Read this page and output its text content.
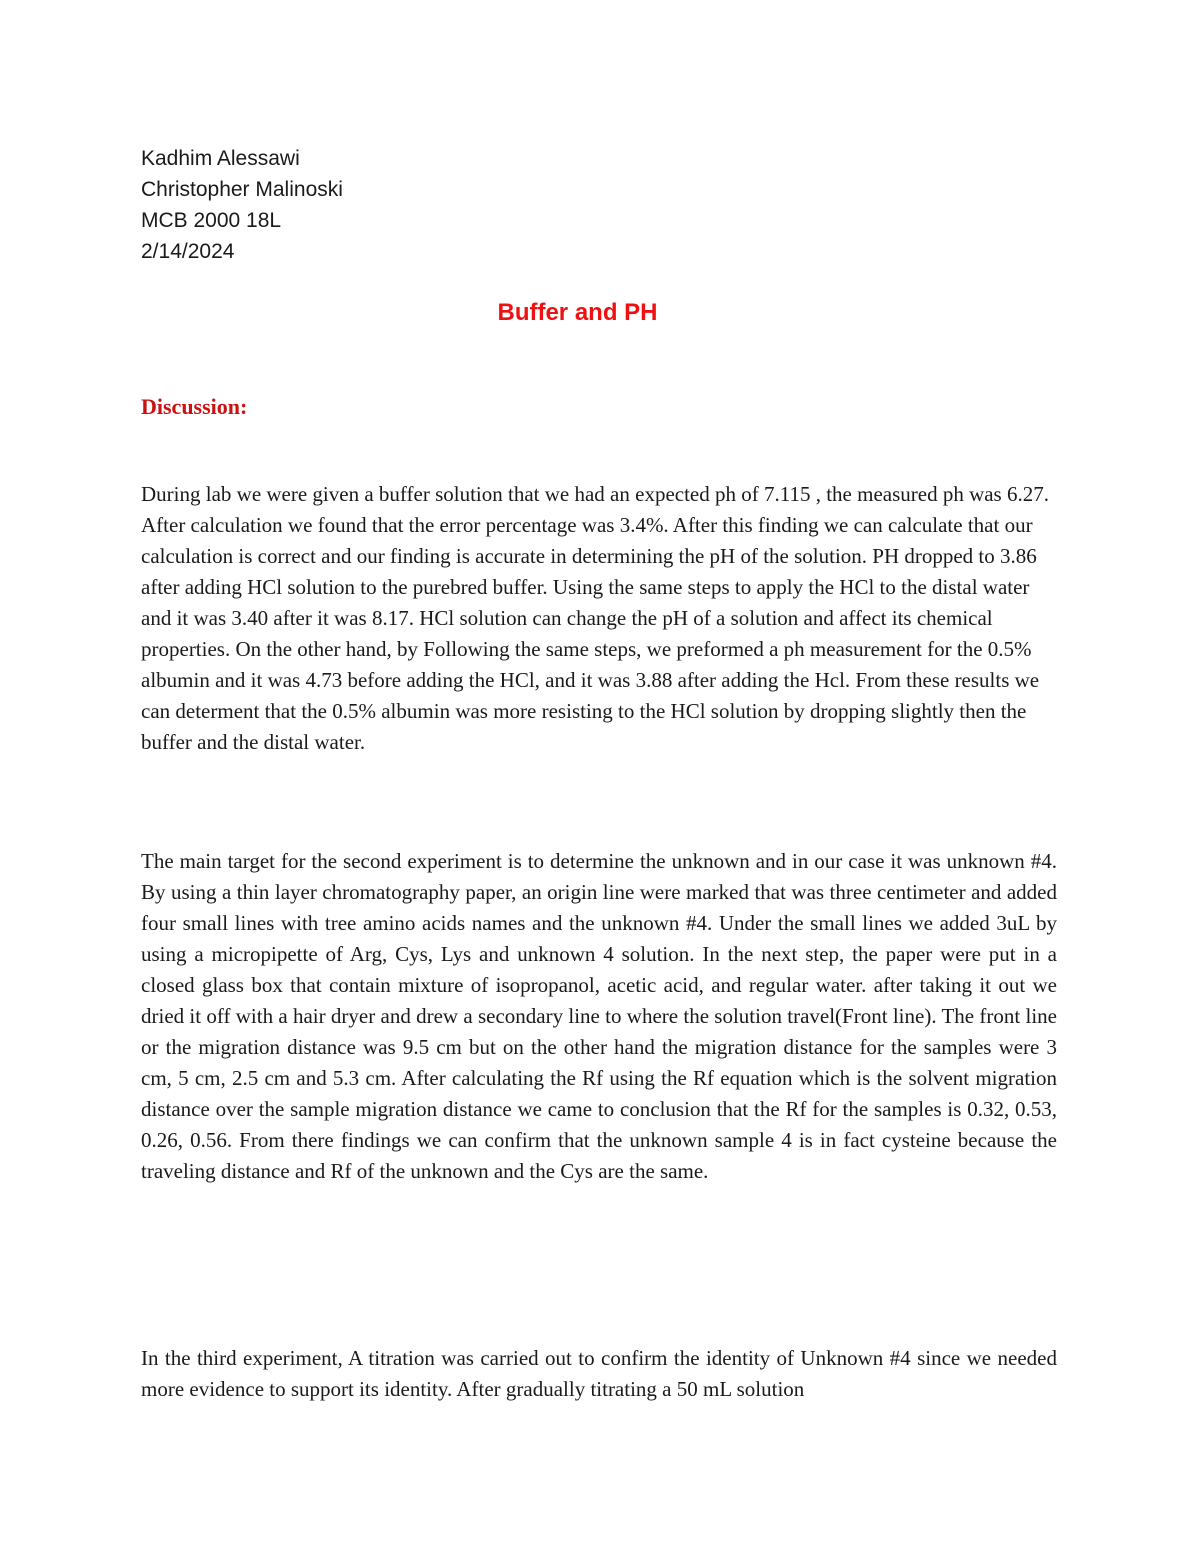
Kadhim Alessawi
Christopher Malinoski
MCB 2000 18L
2/14/2024
Buffer and PH
Discussion:

During lab we were given a buffer solution that we had an expected ph of 7.115 , the measured ph was 6.27. After calculation we found that the error percentage was 3.4%. After this finding we can calculate that our calculation is correct and our finding is accurate in determining the pH of the solution. PH dropped to 3.86 after adding HCl solution to the purebred buffer. Using the same steps to apply the HCl to the distal water and it was 3.40 after it was 8.17. HCl solution can change the pH of a solution and affect its chemical properties. On the other hand, by Following the same steps, we preformed a ph measurement for the 0.5% albumin and it was 4.73 before adding the HCl, and it was 3.88 after adding the Hcl. From these results we can determent that the 0.5% albumin was more resisting to the HCl solution by dropping slightly then the buffer and the distal water.

The main target for the second experiment is to determine the unknown and in our case it was unknown #4. By using a thin layer chromatography paper, an origin line were marked that was three centimeter and added four small lines with tree amino acids names and the unknown #4. Under the small lines we added 3uL by using a micropipette of Arg, Cys, Lys and unknown 4 solution. In the next step, the paper were put in a closed glass box that contain mixture of isopropanol, acetic acid, and regular water. after taking it out we dried it off with a hair dryer and drew a secondary line to where the solution travel(Front line). The front line or the migration distance was 9.5 cm but on the other hand the migration distance for the samples were 3 cm, 5 cm, 2.5 cm and 5.3 cm. After calculating the Rf using the Rf equation which is the solvent migration distance over the sample migration distance we came to conclusion that the Rf for the samples is 0.32, 0.53, 0.26, 0.56. From there findings we can confirm that the unknown sample 4 is in fact cysteine because the traveling distance and Rf of the unknown and the Cys are the same.

In the third experiment, A titration was carried out to confirm the identity of Unknown #4 since we needed more evidence to support its identity. After gradually titrating a 50 mL solution
